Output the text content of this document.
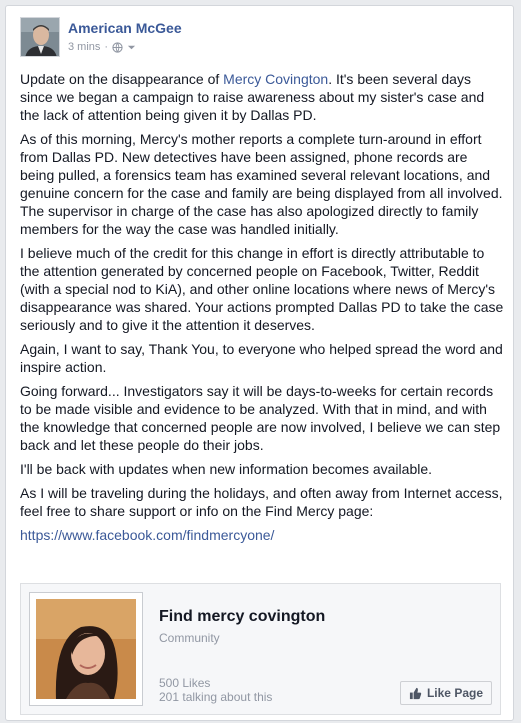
American McGee
3 mins ·

Update on the disappearance of Mercy Covington. It's been several days since we began a campaign to raise awareness about my sister's case and the lack of attention being given it by Dallas PD.

As of this morning, Mercy's mother reports a complete turn-around in effort from Dallas PD. New detectives have been assigned, phone records are being pulled, a forensics team has examined several relevant locations, and genuine concern for the case and family are being displayed from all involved. The supervisor in charge of the case has also apologized directly to family members for the way the case was handled initially.

I believe much of the credit for this change in effort is directly attributable to the attention generated by concerned people on Facebook, Twitter, Reddit (with a special nod to KiA), and other online locations where news of Mercy's disappearance was shared. Your actions prompted Dallas PD to take the case seriously and to give it the attention it deserves.

Again, I want to say, Thank You, to everyone who helped spread the word and inspire action.

Going forward... Investigators say it will be days-to-weeks for certain records to be made visible and evidence to be analyzed. With that in mind, and with the knowledge that concerned people are now involved, I believe we can step back and let these people do their jobs.

I'll be back with updates when new information becomes available.

As I will be traveling during the holidays, and often away from Internet access, feel free to share support or info on the Find Mercy page:

https://www.facebook.com/findmercyone/

Find mercy covington
Community
500 Likes
201 talking about this	Like Page
